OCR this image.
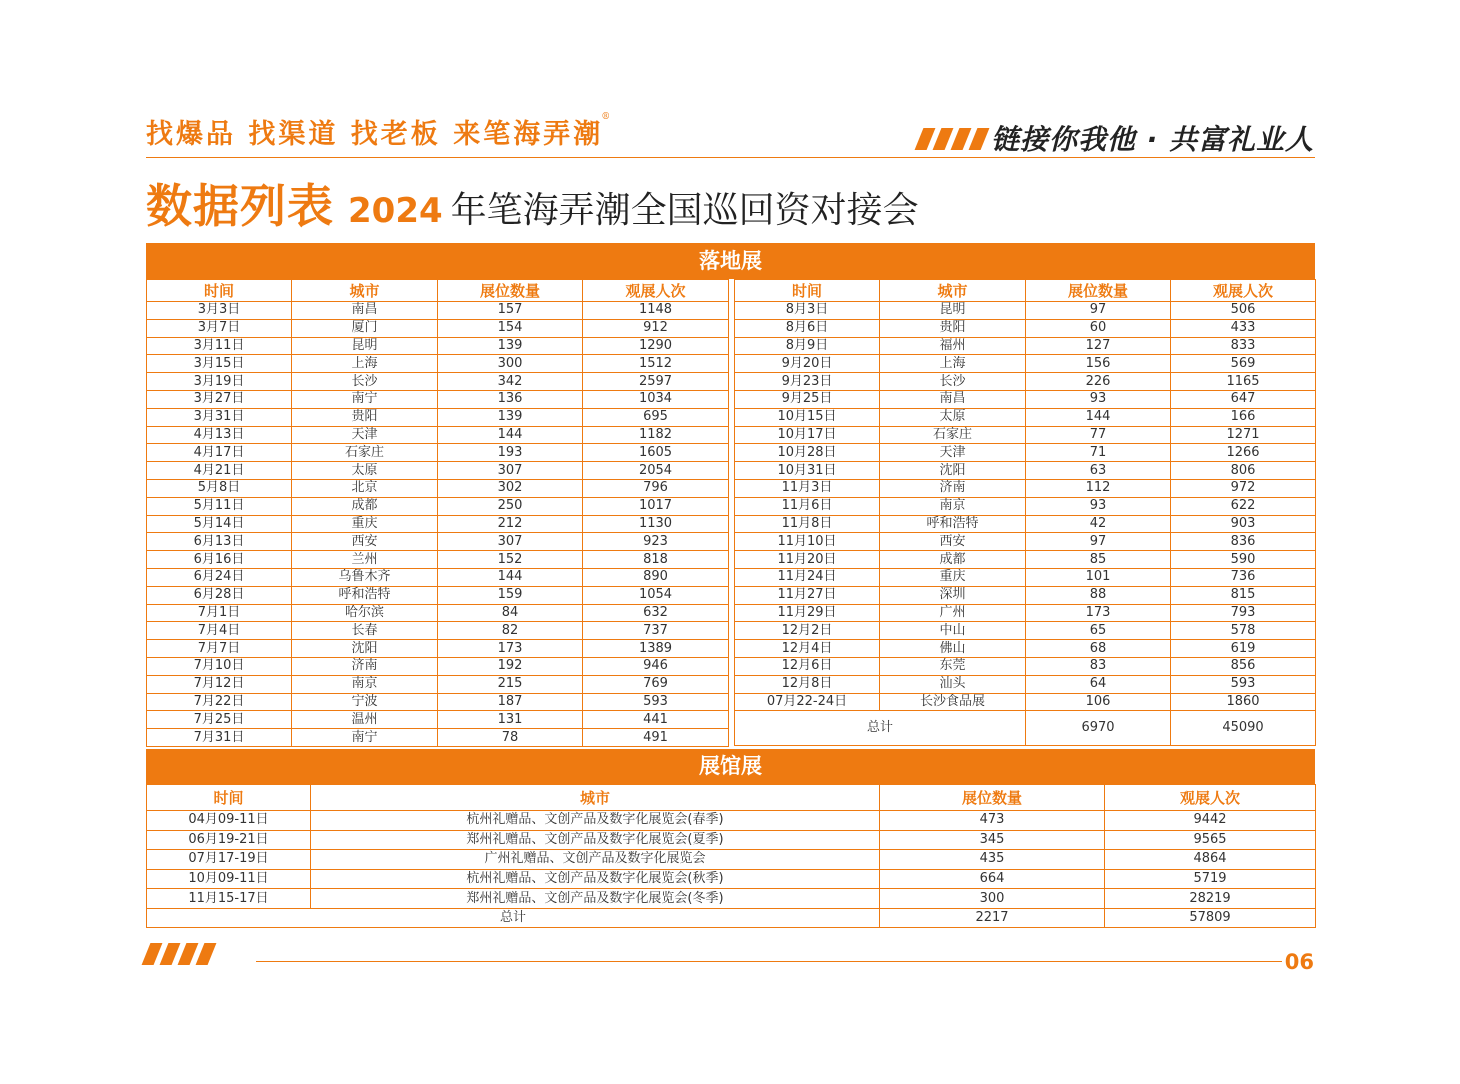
找爆品 找渠道 找老板 来笔海弄潮®
链接你我他 · 共富礼业人
数据列表 2024 年笔海弄潮全国巡回资对接会
落地展
时间	城市	展位数量	观展人次
3月3日	南昌	157	1148
3月7日	厦门	154	912
3月11日	昆明	139	1290
3月15日	上海	300	1512
3月19日	长沙	342	2597
3月27日	南宁	136	1034
3月31日	贵阳	139	695
4月13日	天津	144	1182
4月17日	石家庄	193	1605
4月21日	太原	307	2054
5月8日	北京	302	796
5月11日	成都	250	1017
5月14日	重庆	212	1130
6月13日	西安	307	923
6月16日	兰州	152	818
6月24日	乌鲁木齐	144	890
6月28日	呼和浩特	159	1054
7月1日	哈尔滨	84	632
7月4日	长春	82	737
7月7日	沈阳	173	1389
7月10日	济南	192	946
7月12日	南京	215	769
7月22日	宁波	187	593
7月25日	温州	131	441
7月31日	南宁	78	491
时间	城市	展位数量	观展人次
8月3日	昆明	97	506
8月6日	贵阳	60	433
8月9日	福州	127	833
9月20日	上海	156	569
9月23日	长沙	226	1165
9月25日	南昌	93	647
10月15日	太原	144	166
10月17日	石家庄	77	1271
10月28日	天津	71	1266
10月31日	沈阳	63	806
11月3日	济南	112	972
11月6日	南京	93	622
11月8日	呼和浩特	42	903
11月10日	西安	97	836
11月20日	成都	85	590
11月24日	重庆	101	736
11月27日	深圳	88	815
11月29日	广州	173	793
12月2日	中山	65	578
12月4日	佛山	68	619
12月6日	东莞	83	856
12月8日	汕头	64	593
07月22-24日	长沙食品展	106	1860
总计		6970	45090
展馆展
时间	城市	展位数量	观展人次
04月09-11日	杭州礼赠品、文创产品及数字化展览会(春季)	473	9442
06月19-21日	郑州礼赠品、文创产品及数字化展览会(夏季)	345	9565
07月17-19日	广州礼赠品、文创产品及数字化展览会	435	4864
10月09-11日	杭州礼赠品、文创产品及数字化展览会(秋季)	664	5719
11月15-17日	郑州礼赠品、文创产品及数字化展览会(冬季)	300	28219
总计		2217	57809
06
